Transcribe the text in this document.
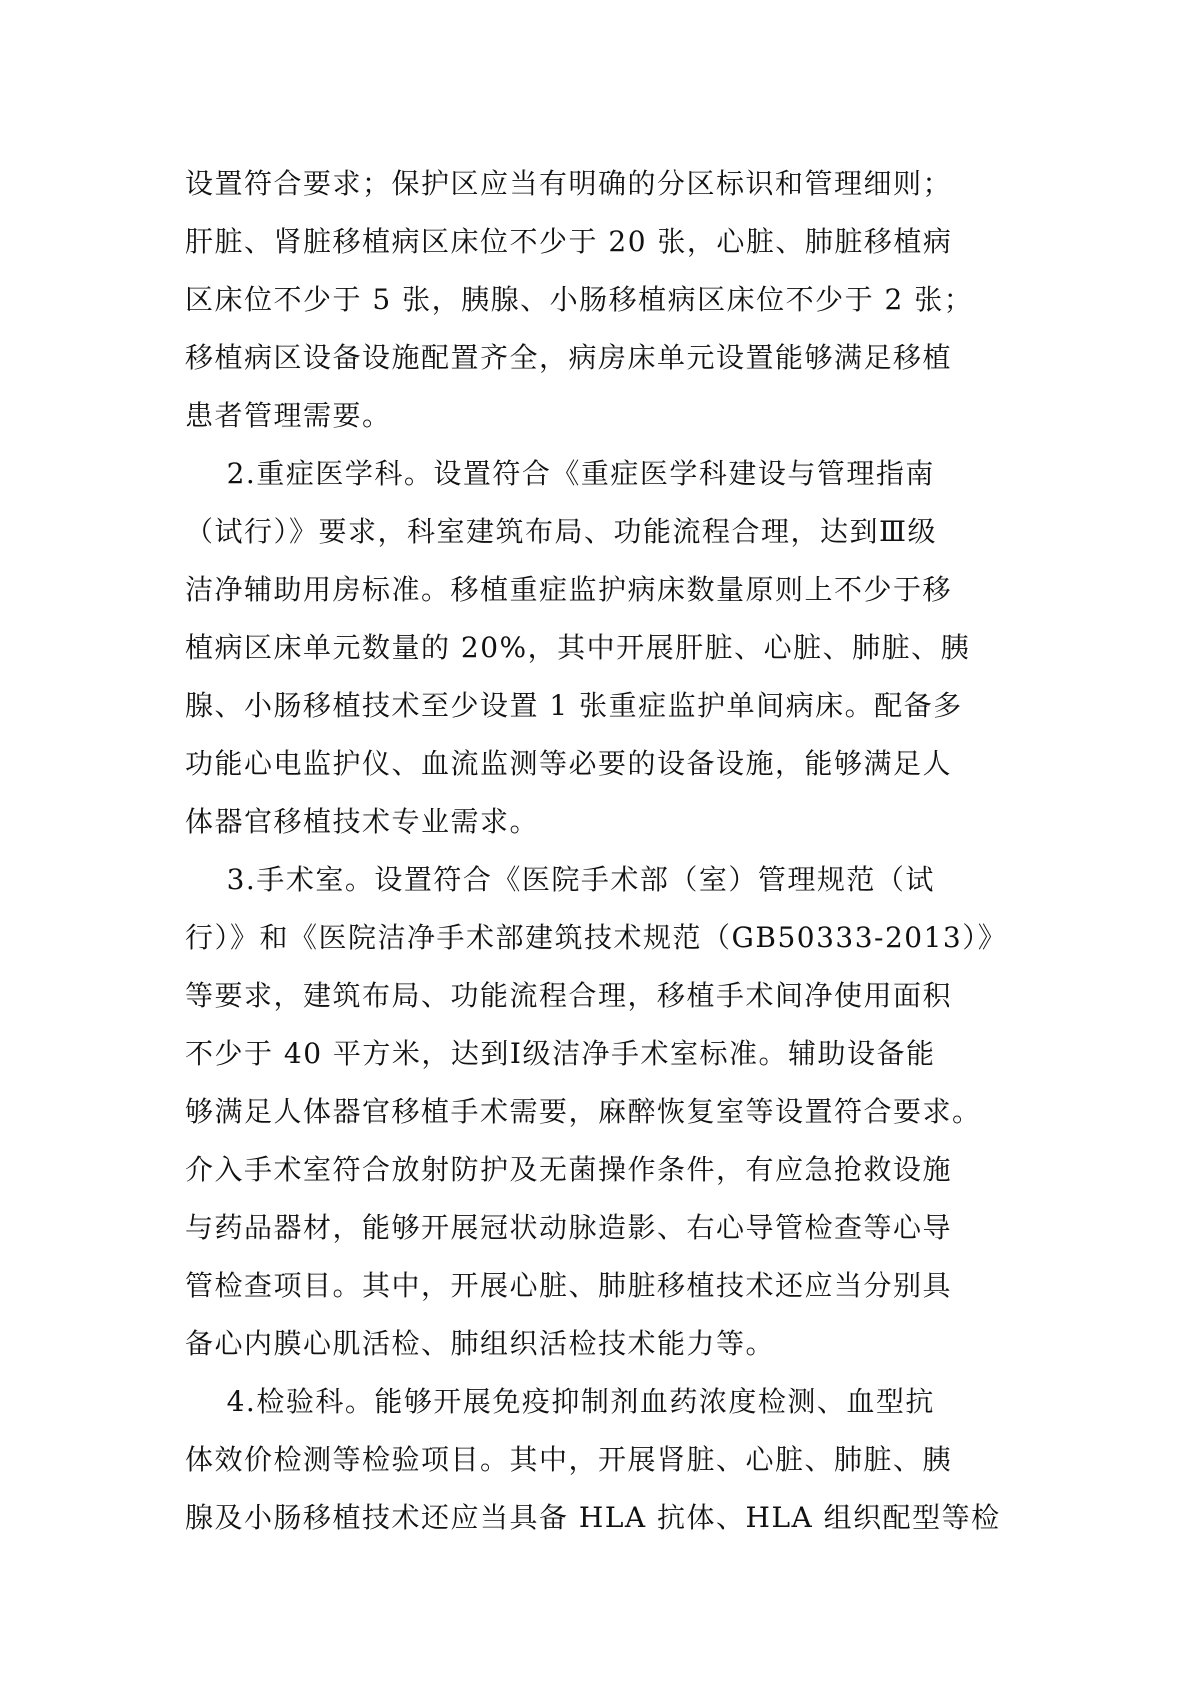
设置符合要求；保护区应当有明确的分区标识和管理细则；
肝脏、肾脏移植病区床位不少于 20 张，心脏、肺脏移植病
区床位不少于 5 张，胰腺、小肠移植病区床位不少于 2 张；
移植病区设备设施配置齐全，病房床单元设置能够满足移植
患者管理需要。
2.重症医学科。设置符合《重症医学科建设与管理指南
（试行）》要求，科室建筑布局、功能流程合理，达到Ⅲ级
洁净辅助用房标准。移植重症监护病床数量原则上不少于移
植病区床单元数量的 20%，其中开展肝脏、心脏、肺脏、胰
腺、小肠移植技术至少设置 1 张重症监护单间病床。配备多
功能心电监护仪、血流监测等必要的设备设施，能够满足人
体器官移植技术专业需求。
3.手术室。设置符合《医院手术部（室）管理规范（试
行）》和《医院洁净手术部建筑技术规范（GB50333-2013）》
等要求，建筑布局、功能流程合理，移植手术间净使用面积
不少于 40 平方米，达到Ⅰ级洁净手术室标准。辅助设备能
够满足人体器官移植手术需要，麻醉恢复室等设置符合要求。
介入手术室符合放射防护及无菌操作条件，有应急抢救设施
与药品器材，能够开展冠状动脉造影、右心导管检查等心导
管检查项目。其中，开展心脏、肺脏移植技术还应当分别具
备心内膜心肌活检、肺组织活检技术能力等。
4.检验科。能够开展免疫抑制剂血药浓度检测、血型抗
体效价检测等检验项目。其中，开展肾脏、心脏、肺脏、胰
腺及小肠移植技术还应当具备 HLA 抗体、HLA 组织配型等检
